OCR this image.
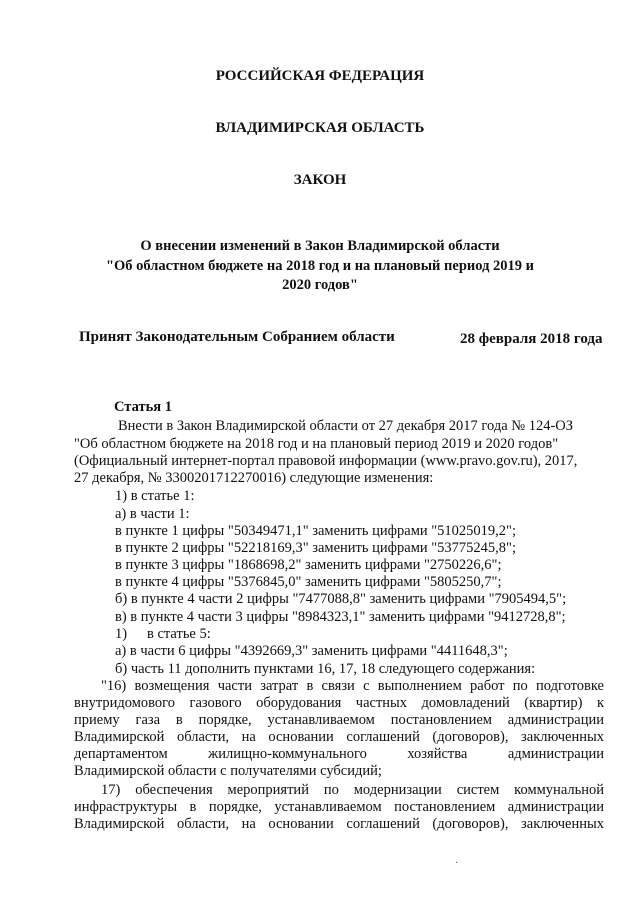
РОССИЙСКАЯ ФЕДЕРАЦИЯ
ВЛАДИМИРСКАЯ ОБЛАСТЬ
ЗАКОН
О внесении изменений в Закон Владимирской области
"Об областном бюджете на 2018 год и на плановый период 2019 и
2020 годов"
Принят Законодательным Собранием области	28 февраля 2018 года
Статья 1
Внести в Закон Владимирской области от 27 декабря 2017 года № 124-ОЗ
"Об областном бюджете на 2018 год и на плановый период 2019 и 2020 годов"
(Официальный интернет-портал правовой информации (www.pravo.gov.ru), 2017,
27 декабря, № 3300201712270016) следующие изменения:
1) в статье 1:
а) в части 1:
в пункте 1 цифры "50349471,1" заменить цифрами "51025019,2";
в пункте 2 цифры "52218169,3" заменить цифрами "53775245,8";
в пункте 3 цифры "1868698,2" заменить цифрами "2750226,6";
в пункте 4 цифры "5376845,0" заменить цифрами "5805250,7";
б) в пункте 4 части 2 цифры "7477088,8" заменить цифрами "7905494,5";
в) в пункте 4 части 3 цифры "8984323,1" заменить цифрами "9412728,8";
1) в статье 5:
а) в части 6 цифры "4392669,3" заменить цифрами "4411648,3";
б) часть 11 дополнить пунктами 16, 17, 18 следующего содержания:
"16) возмещения части затрат в связи с выполнением работ по подготовке
внутридомового газового оборудования частных домовладений (квартир) к
приему газа в порядке, устанавливаемом постановлением администрации
Владимирской области, на основании соглашений (договоров), заключенных
департаментом жилищно-коммунального хозяйства администрации
Владимирской области с получателями субсидий;
17) обеспечения мероприятий по модернизации систем коммунальной
инфраструктуры в порядке, устанавливаемом постановлением администрации
Владимирской области, на основании соглашений (договоров), заключенных
·
